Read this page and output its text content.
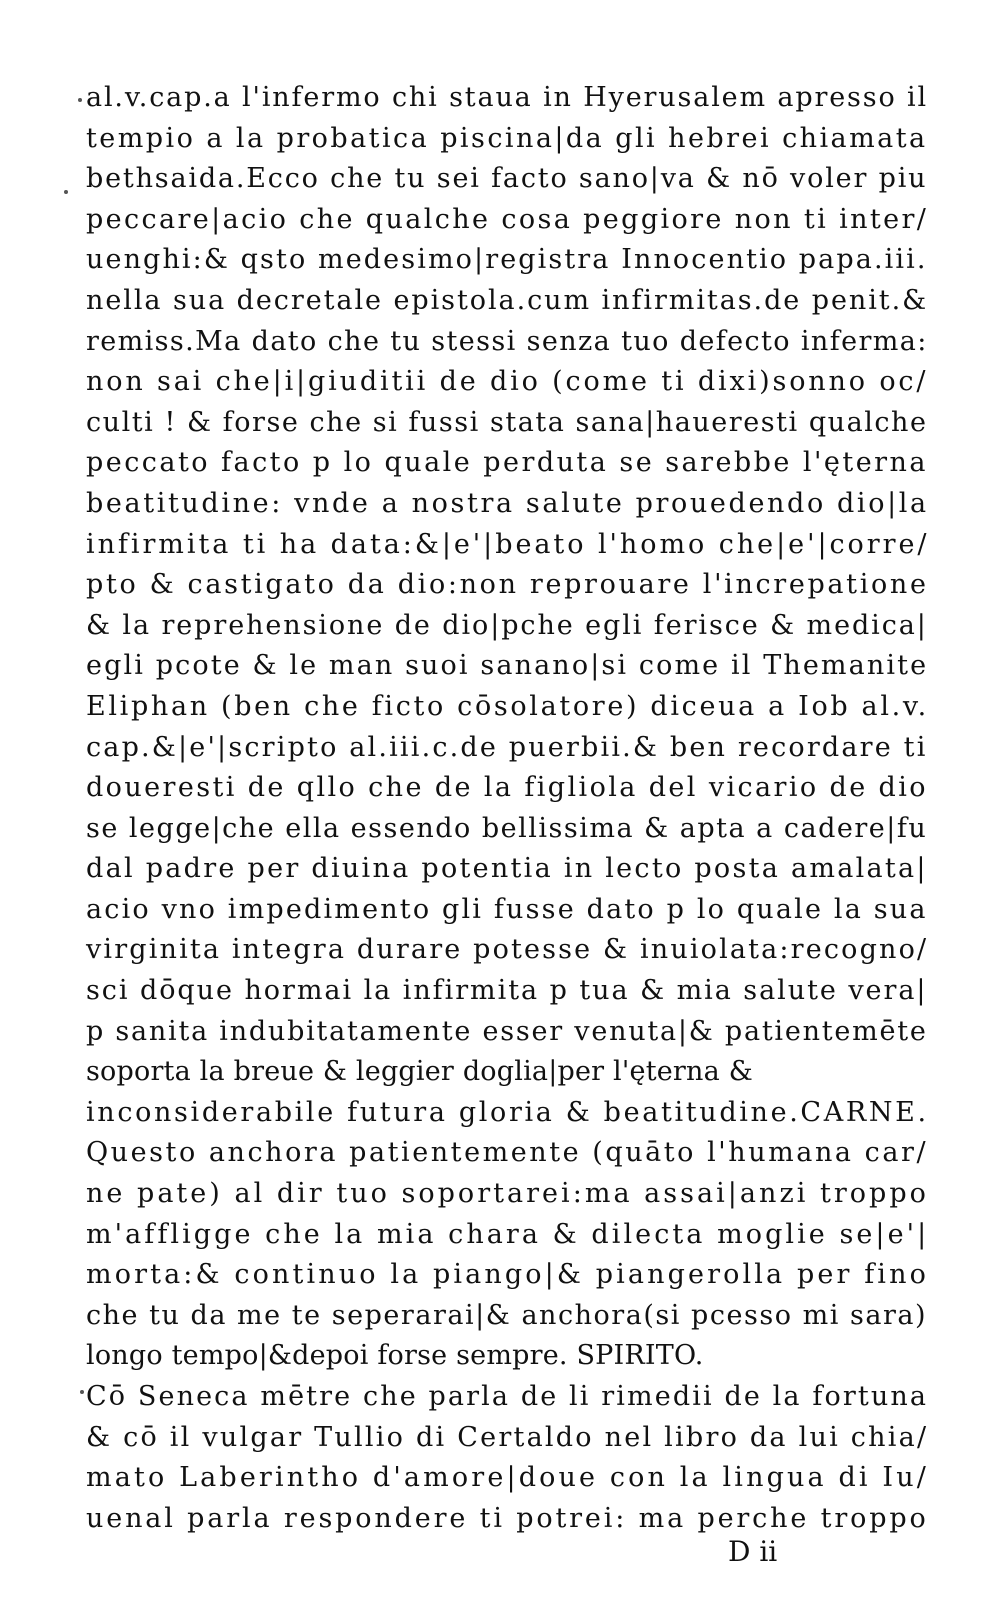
al.v.cap.a l'infermo chi staua in Hyerusalem apresso il
tempio a la probatica piscina|da gli hebrei chiamata
bethsaida.Ecco che tu sei facto sano|va & nō voler piu
peccare|acio che qualche cosa peggiore non ti inter/
uenghi:& qsto medesimo|registra Innocentio papa.iii.
nella sua decretale epistola.cum infirmitas.de penit.&
remiss.Ma dato che tu stessi senza tuo defecto inferma:
non sai che|i|giuditii de dio (come ti dixi)sonno oc/
culti ! & forse che si fussi stata sana|haueresti qualche
peccato facto p lo quale perduta se sarebbe l'ęterna
beatitudine: vnde a nostra salute prouedendo dio|la
infirmita ti ha data:&|e'|beato l'homo che|e'|corre/
pto & castigato da dio:non reprouare l'increpatione
& la reprehensione de dio|pche egli ferisce & medica|
egli pcote & le man suoi sanano|si come il Themanite
Eliphan (ben che ficto cōsolatore) diceua a Iob al.v.
cap.&|e'|scripto al.iii.c.de puerbii.& ben recordare ti
doueresti de qllo che de la figliola del vicario de dio
se legge|che ella essendo bellissima & apta a cadere|fu
dal padre per diuina potentia in lecto posta amalata|
acio vno impedimento gli fusse dato p lo quale la sua
virginita integra durare potesse & inuiolata:recogno/
sci dōque hormai la infirmita p tua & mia salute vera|
p sanita indubitatamente esser venuta|& patientemēte
soporta la breue & leggier doglia|per l'ęterna &
inconsiderabile futura gloria & beatitudine.CARNE.
Questo anchora patientemente (quāto l'humana car/
ne pate) al dir tuo soportarei:ma assai|anzi troppo
m'affligge che la mia chara & dilecta moglie se|e'|
morta:& continuo la piango|& piangerolla per fino
che tu da me te seperarai|& anchora(si pcesso mi sara)
longo tempo|&depoi forse sempre. SPIRITO.
Cō Seneca mētre che parla de li rimedii de la fortuna
& cō il vulgar Tullio di Certaldo nel libro da lui chia/
mato Laberintho d'amore|doue con la lingua di Iu/
uenal parla respondere ti potrei: ma perche troppo
D ii
